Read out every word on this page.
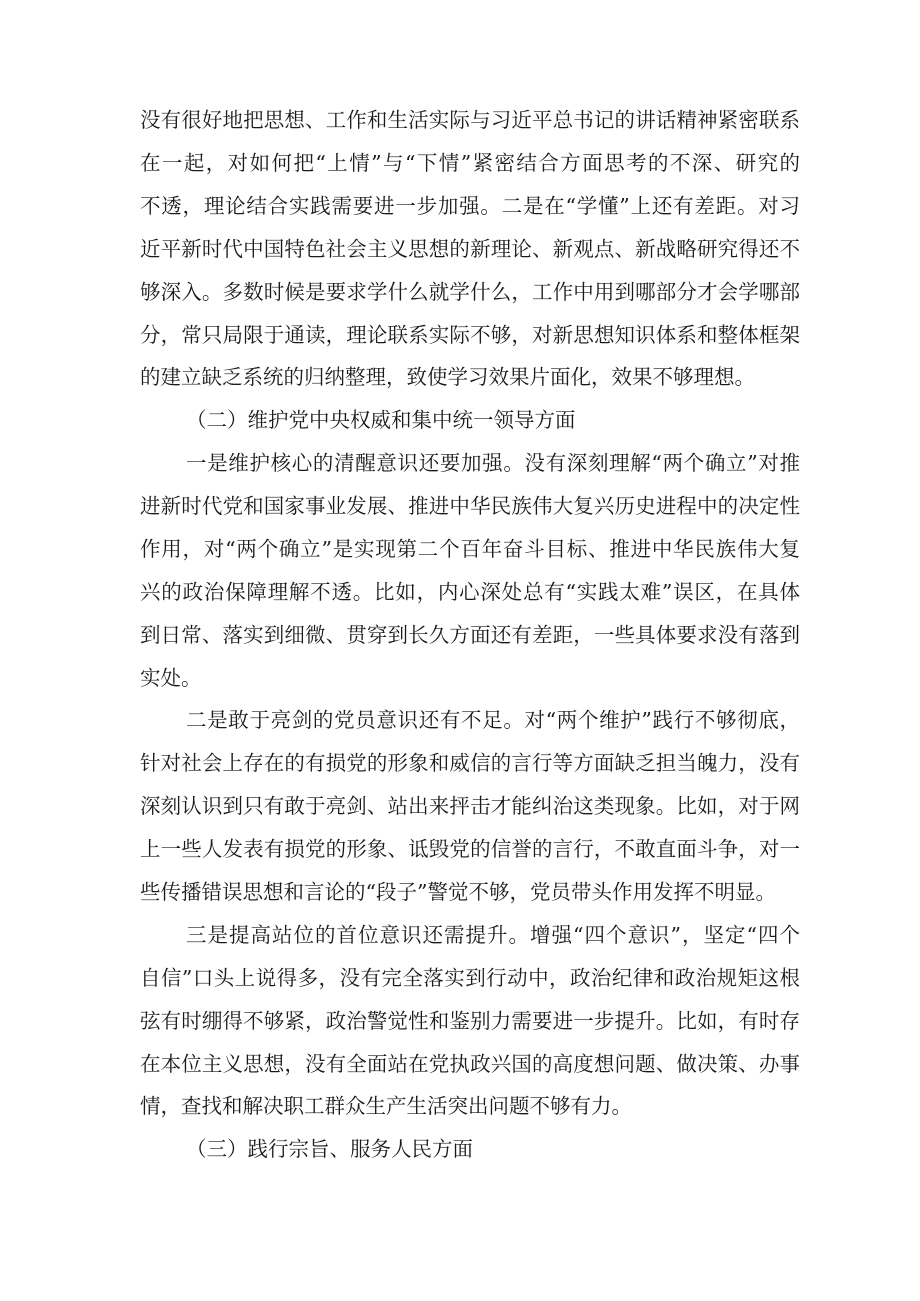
没有很好地把思想、工作和生活实际与习近平总书记的讲话精神紧密联系
在一起，对如何把“上情”与“下情”紧密结合方面思考的不深、研究的
不透，理论结合实践需要进一步加强。二是在“学懂”上还有差距。对习
近平新时代中国特色社会主义思想的新理论、新观点、新战略研究得还不
够深入。多数时候是要求学什么就学什么，工作中用到哪部分才会学哪部
分，常只局限于通读，理论联系实际不够，对新思想知识体系和整体框架
的建立缺乏系统的归纳整理，致使学习效果片面化，效果不够理想。
（二）维护党中央权威和集中统一领导方面
一是维护核心的清醒意识还要加强。没有深刻理解“两个确立”对推
进新时代党和国家事业发展、推进中华民族伟大复兴历史进程中的决定性
作用，对“两个确立”是实现第二个百年奋斗目标、推进中华民族伟大复
兴的政治保障理解不透。比如，内心深处总有“实践太难”误区，在具体
到日常、落实到细微、贯穿到长久方面还有差距，一些具体要求没有落到
实处。
二是敢于亮剑的党员意识还有不足。对“两个维护”践行不够彻底，
针对社会上存在的有损党的形象和威信的言行等方面缺乏担当魄力，没有
深刻认识到只有敢于亮剑、站出来抨击才能纠治这类现象。比如，对于网
上一些人发表有损党的形象、诋毁党的信誉的言行，不敢直面斗争，对一
些传播错误思想和言论的“段子”警觉不够，党员带头作用发挥不明显。
三是提高站位的首位意识还需提升。增强“四个意识”，坚定“四个
自信”口头上说得多，没有完全落实到行动中，政治纪律和政治规矩这根
弦有时绷得不够紧，政治警觉性和鉴别力需要进一步提升。比如，有时存
在本位主义思想，没有全面站在党执政兴国的高度想问题、做决策、办事
情，查找和解决职工群众生产生活突出问题不够有力。
（三）践行宗旨、服务人民方面
